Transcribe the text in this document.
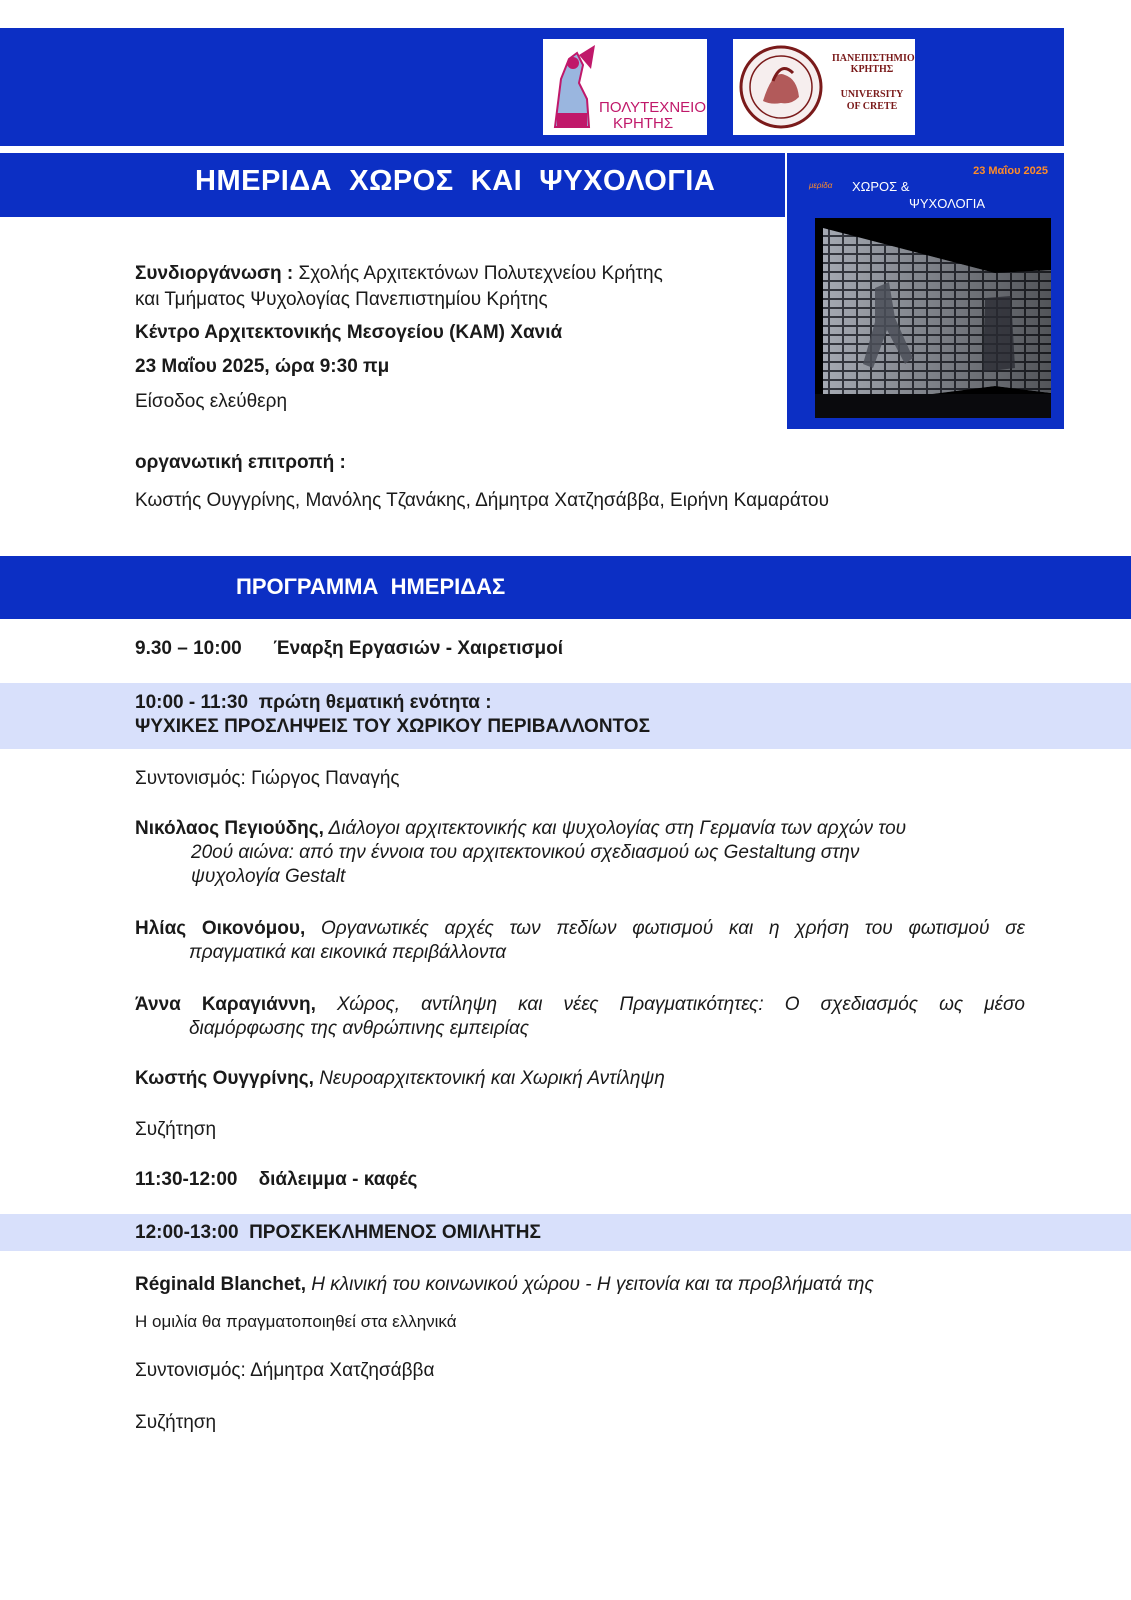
ΠΟΛΥΤΕΧΝΕΙΟ
ΚΡΗΤΗΣ
ΠΑΝΕΠΙΣΤΗΜΙΟ
ΚΡΗΤΗΣ
UNIVERSITY
OF CRETE
ΗΜΕΡΙΔΑ  ΧΩΡΟΣ  ΚΑΙ  ΨΥΧΟΛΟΓΙΑ	23 Μαΐου 2025
μερίδα ΧΩΡΟΣ &
ΨΥΧΟΛΟΓΙΑ
Συνδιοργάνωση : Σχολής Αρχιτεκτόνων Πολυτεχνείου Κρήτης
και Τμήματος Ψυχολογίας Πανεπιστημίου Κρήτης
Κέντρο Αρχιτεκτονικής Μεσογείου (ΚΑΜ) Χανιά
23 Μαΐου 2025, ώρα 9:30 πμ
Είσοδος ελεύθερη
οργανωτική επιτροπή :
Κωστής Ουγγρίνης, Μανόλης Τζανάκης, Δήμητρα Χατζησάββα, Ειρήνη Καμαράτου
ΠΡΟΓΡΑΜΜΑ  ΗΜΕΡΙΔΑΣ
9.30 – 10:00      Έναρξη Εργασιών - Χαιρετισμοί
10:00 - 11:30  πρώτη θεματική ενότητα :
ΨΥΧΙΚΕΣ ΠΡΟΣΛΗΨΕΙΣ ΤΟΥ ΧΩΡΙΚΟΥ ΠΕΡΙΒΑΛΛΟΝΤΟΣ
Συντονισμός: Γιώργος Παναγής
Νικόλαος Πεγιούδης, Διάλογοι αρχιτεκτονικής και ψυχολογίας στη Γερμανία των αρχών του
20ού αιώνα: από την έννοια του αρχιτεκτονικού σχεδιασμού ως Gestaltung στην
ψυχολογία Gestalt
Ηλίας Οικονόμου, Οργανωτικές αρχές των πεδίων φωτισμού και η χρήση του φωτισμού σε
πραγματικά και εικονικά περιβάλλοντα
Άννα Καραγιάννη, Χώρος, αντίληψη και νέες Πραγματικότητες: Ο σχεδιασμός ως μέσο
διαμόρφωσης της ανθρώπινης εμπειρίας
Κωστής Ουγγρίνης, Νευροαρχιτεκτονική και Χωρική Αντίληψη
Συζήτηση
11:30-12:00    διάλειμμα - καφές
12:00-13:00  ΠΡΟΣΚΕΚΛΗΜΕΝΟΣ ΟΜΙΛΗΤΗΣ
Réginald Blanchet, Η κλινική του κοινωνικού χώρου - Η γειτονία και τα προβλήματά της
Η ομιλία θα πραγματοποιηθεί στα ελληνικά
Συντονισμός: Δήμητρα Χατζησάββα
Συζήτηση
